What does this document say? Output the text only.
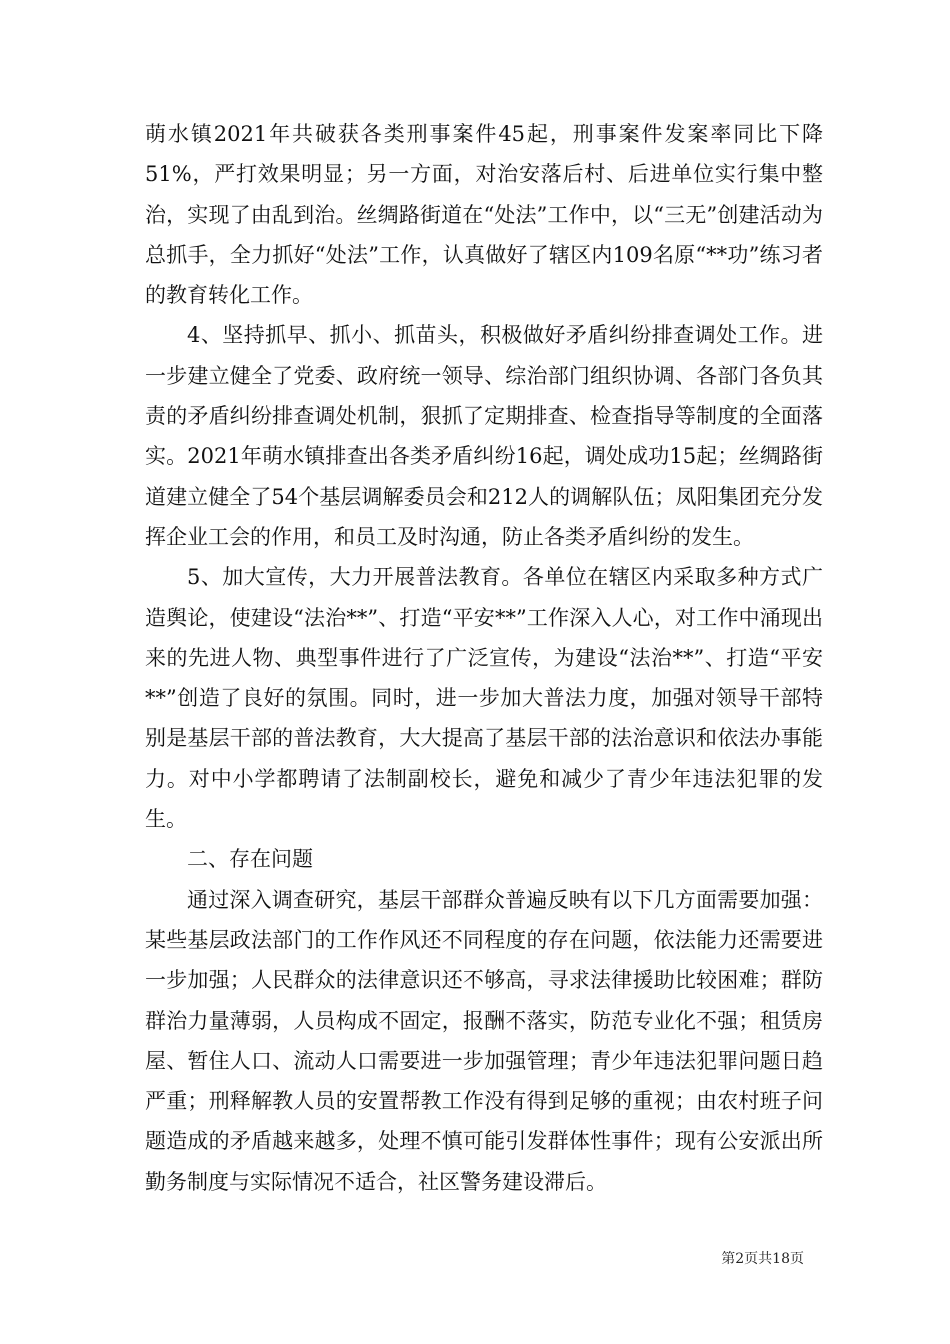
萌水镇2021年共破获各类刑事案件45起，刑事案件发案率同比下降51%，严打效果明显；另一方面，对治安落后村、后进单位实行集中整治，实现了由乱到治。丝绸路街道在“处法”工作中，以“三无”创建活动为总抓手，全力抓好“处法”工作，认真做好了辖区内109名原“**功”练习者的教育转化工作。

4、坚持抓早、抓小、抓苗头，积极做好矛盾纠纷排查调处工作。进一步建立健全了党委、政府统一领导、综治部门组织协调、各部门各负其责的矛盾纠纷排查调处机制，狠抓了定期排查、检查指导等制度的全面落实。2021年萌水镇排查出各类矛盾纠纷16起，调处成功15起；丝绸路街道建立健全了54个基层调解委员会和212人的调解队伍；凤阳集团充分发挥企业工会的作用，和员工及时沟通，防止各类矛盾纠纷的发生。

5、加大宣传，大力开展普法教育。各单位在辖区内采取多种方式广造舆论，使建设“法治**”、打造“平安**”工作深入人心，对工作中涌现出来的先进人物、典型事件进行了广泛宣传，为建设“法治**”、打造“平安**”创造了良好的氛围。同时，进一步加大普法力度，加强对领导干部特别是基层干部的普法教育，大大提高了基层干部的法治意识和依法办事能力。对中小学都聘请了法制副校长，避免和减少了青少年违法犯罪的发生。

二、存在问题

通过深入调查研究，基层干部群众普遍反映有以下几方面需要加强：某些基层政法部门的工作作风还不同程度的存在问题，依法能力还需要进一步加强；人民群众的法律意识还不够高，寻求法律援助比较困难；群防群治力量薄弱，人员构成不固定，报酬不落实，防范专业化不强；租赁房屋、暂住人口、流动人口需要进一步加强管理；青少年违法犯罪问题日趋严重；刑释解教人员的安置帮教工作没有得到足够的重视；由农村班子问题造成的矛盾越来越多，处理不慎可能引发群体性事件；现有公安派出所勤务制度与实际情况不适合，社区警务建设滞后。

第2页共18页
